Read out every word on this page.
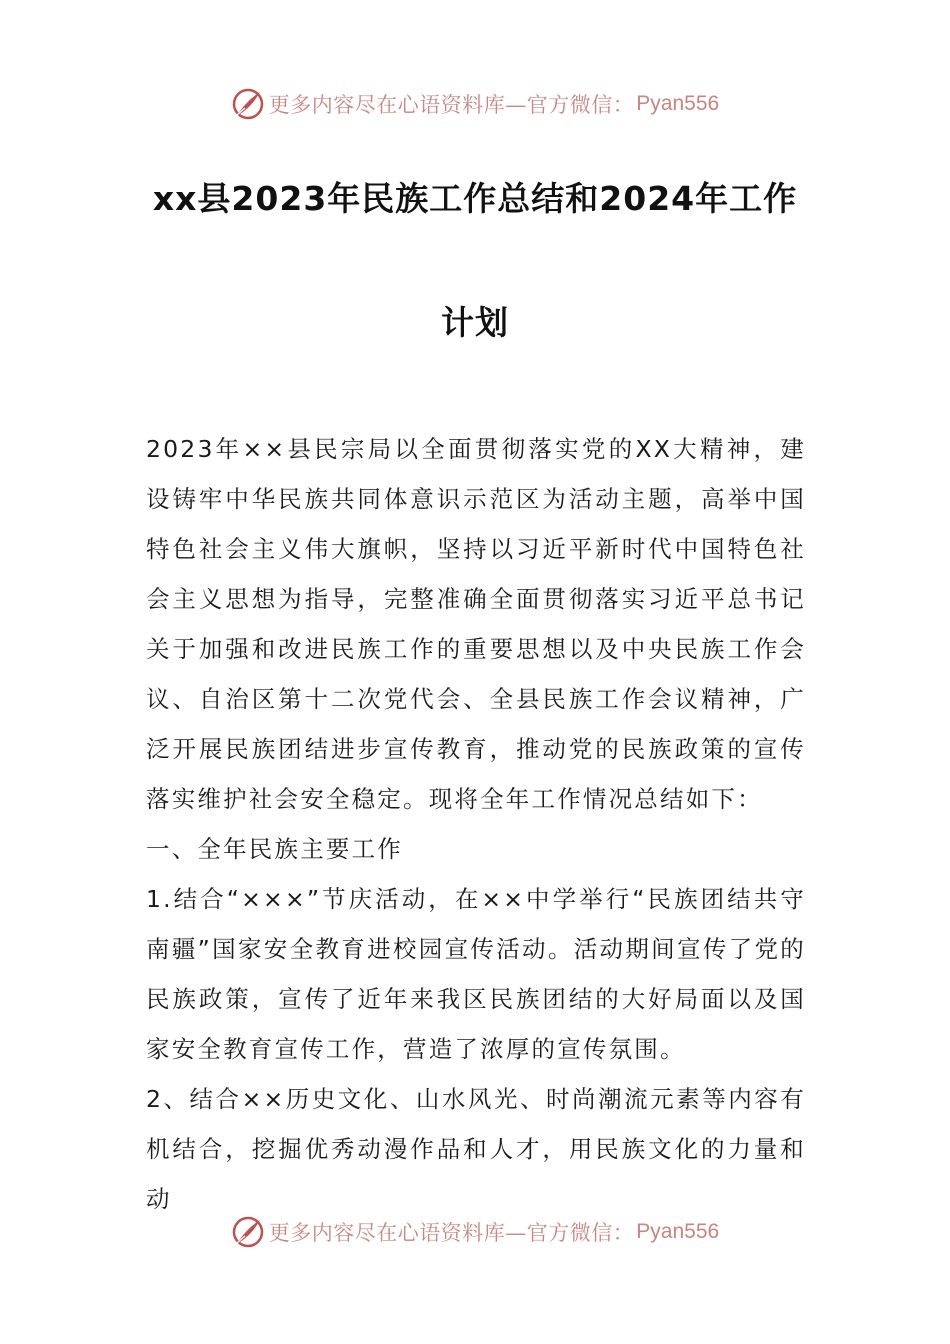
更多内容尽在心语资料库—官方微信： Pyan556
xx县2023年民族工作总结和2024年工作
计划

2023年××县民宗局以全面贯彻落实党的XX大精神，建设铸牢中华民族共同体意识示范区为活动主题，高举中国特色社会主义伟大旗帜，坚持以习近平新时代中国特色社会主义思想为指导，完整准确全面贯彻落实习近平总书记关于加强和改进民族工作的重要思想以及中央民族工作会议、自治区第十二次党代会、全县民族工作会议精神，广泛开展民族团结进步宣传教育，推动党的民族政策的宣传落实维护社会安全稳定。现将全年工作情况总结如下：

一、全年民族主要工作

1.结合“×××”节庆活动，在××中学举行“民族团结共守南疆”国家安全教育进校园宣传活动。活动期间宣传了党的民族政策，宣传了近年来我区民族团结的大好局面以及国家安全教育宣传工作，营造了浓厚的宣传氛围。

2、结合××历史文化、山水风光、时尚潮流元素等内容有机结合，挖掘优秀动漫作品和人才，用民族文化的力量和动

更多内容尽在心语资料库—官方微信： Pyan556
